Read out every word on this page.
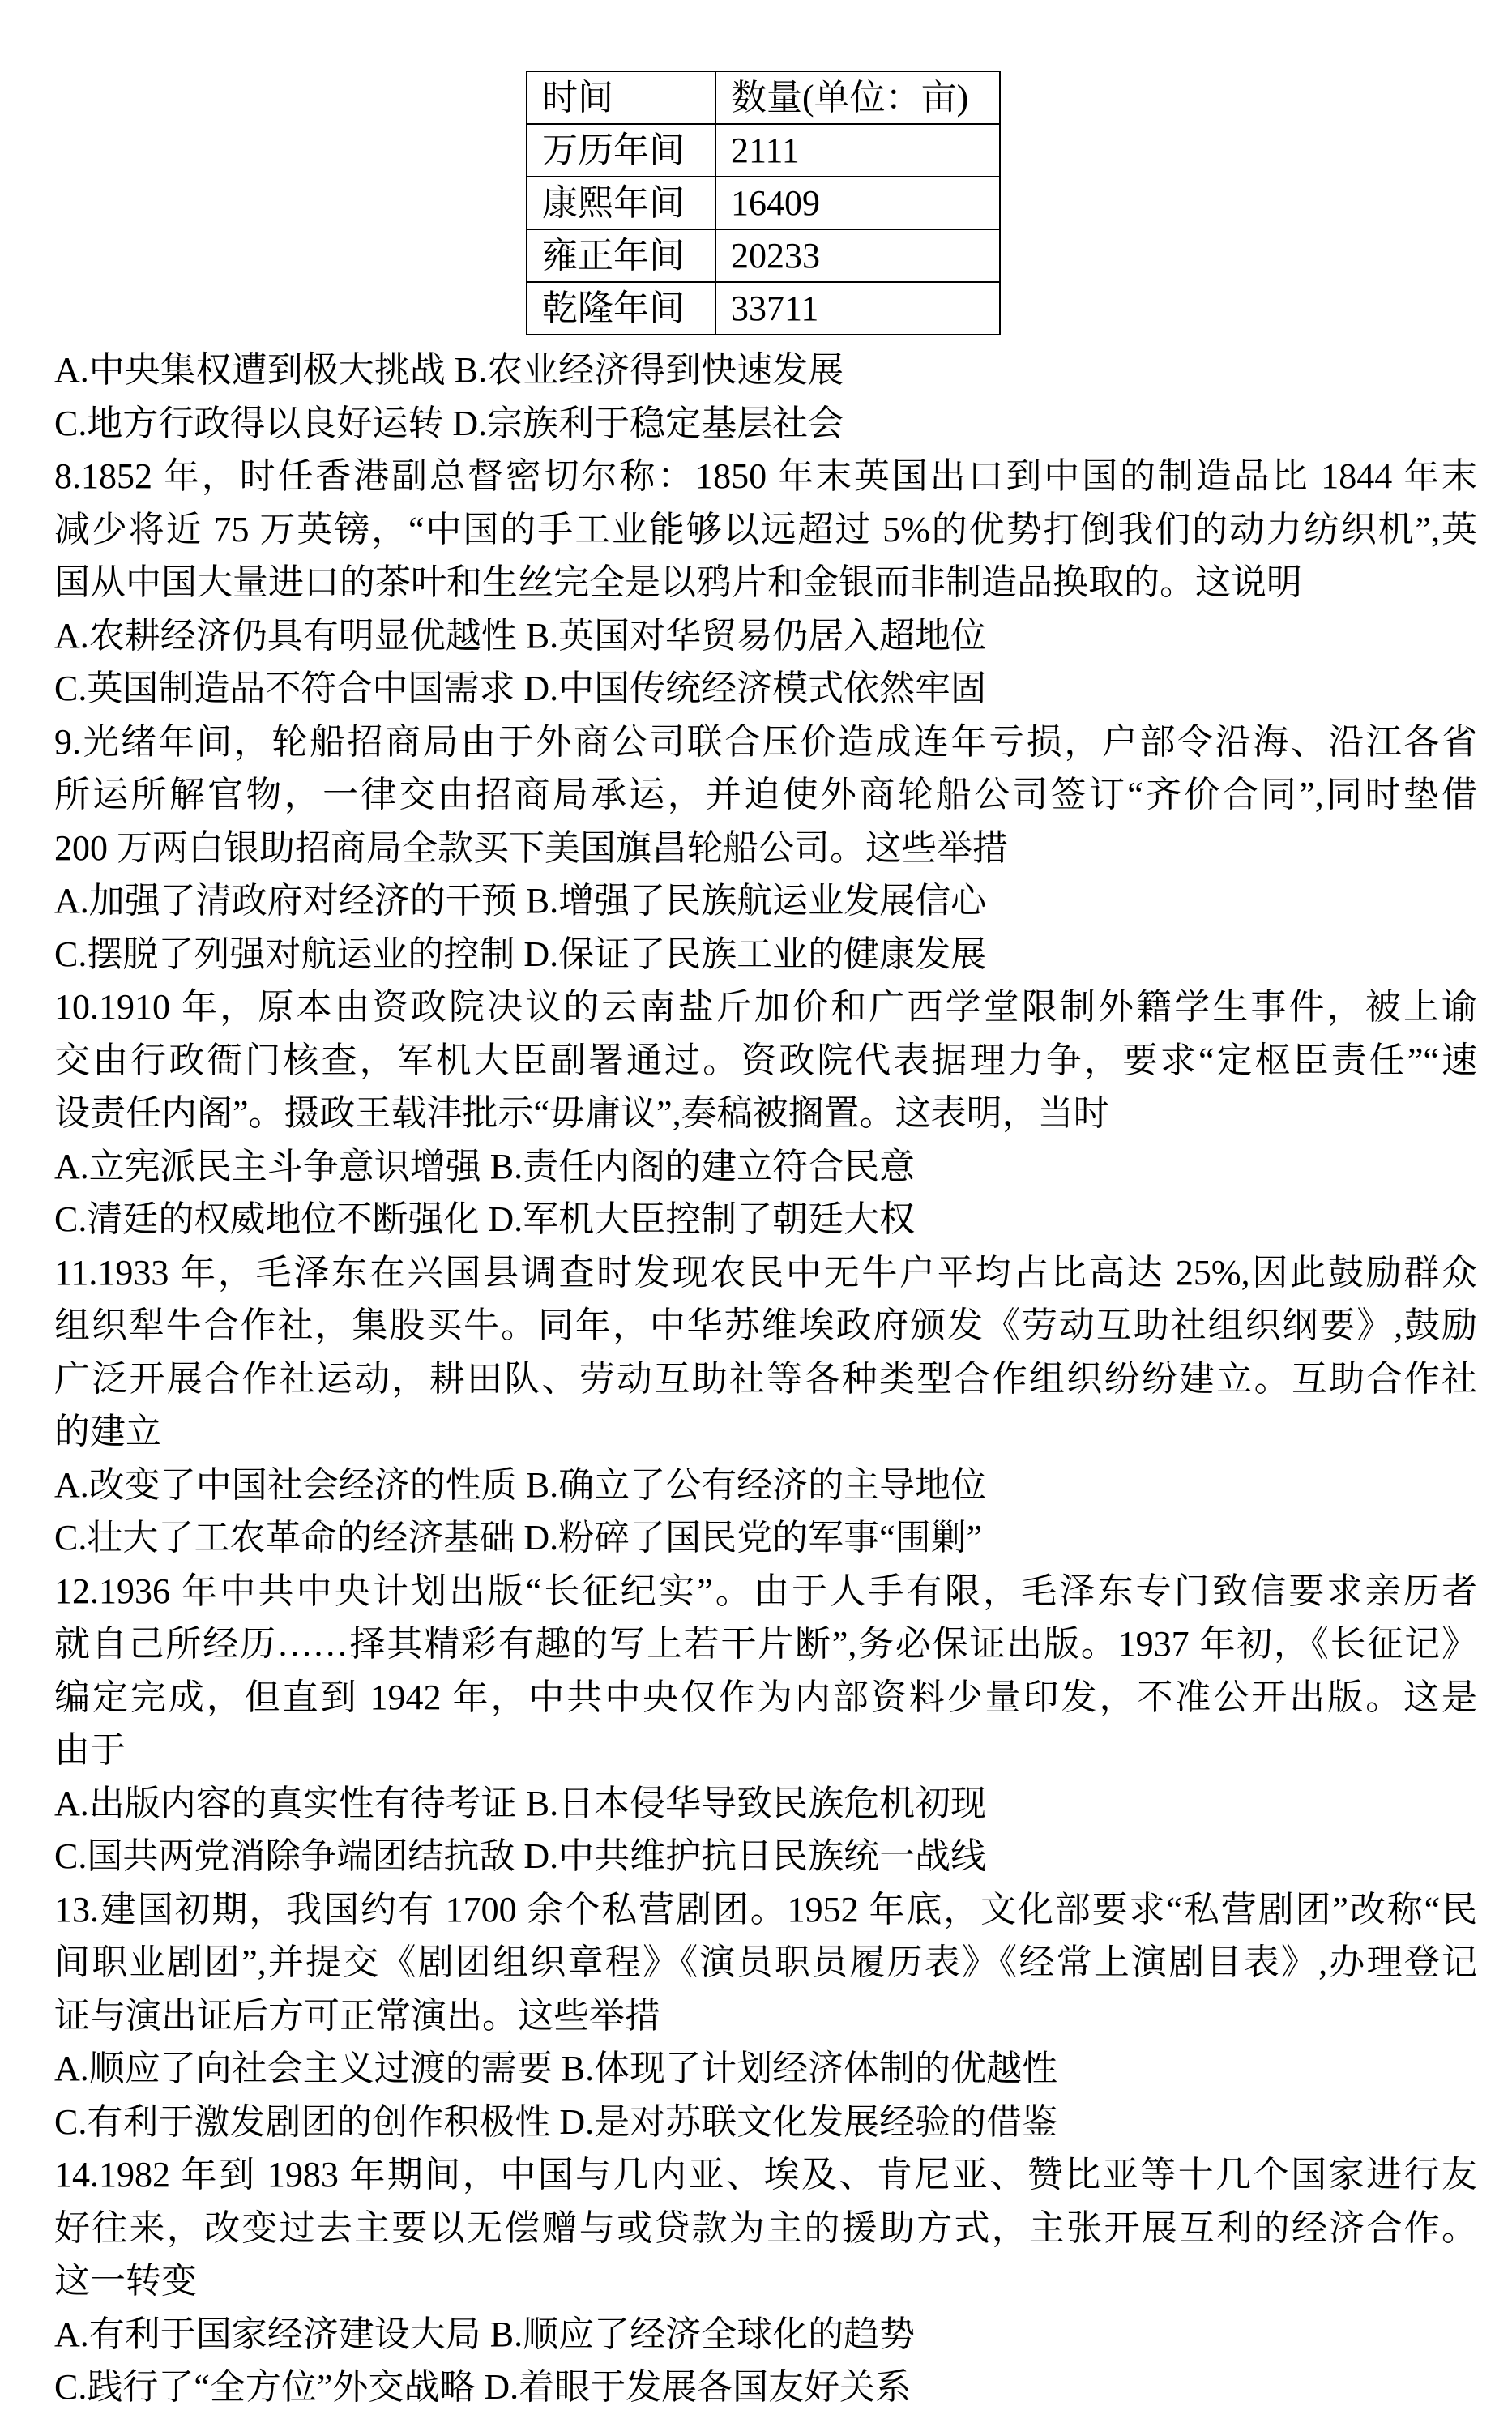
时间	数量(单位：亩)
万历年间	2111
康熙年间	16409
雍正年间	20233
乾隆年间	33711
A.中央集权遭到极大挑战 B.农业经济得到快速发展
C.地方行政得以良好运转 D.宗族利于稳定基层社会
8.1852 年，时任香港副总督密切尔称：1850 年末英国出口到中国的制造品比 1844 年末
减少将近 75 万英镑，“中国的手工业能够以远超过 5%的优势打倒我们的动力纺织机”,英
国从中国大量进口的茶叶和生丝完全是以鸦片和金银而非制造品换取的。这说明
A.农耕经济仍具有明显优越性 B.英国对华贸易仍居入超地位
C.英国制造品不符合中国需求 D.中国传统经济模式依然牢固
9.光绪年间，轮船招商局由于外商公司联合压价造成连年亏损，户部令沿海、沿江各省
所运所解官物，一律交由招商局承运，并迫使外商轮船公司签订“齐价合同”,同时垫借
200 万两白银助招商局全款买下美国旗昌轮船公司。这些举措
A.加强了清政府对经济的干预 B.增强了民族航运业发展信心
C.摆脱了列强对航运业的控制 D.保证了民族工业的健康发展
10.1910 年，原本由资政院决议的云南盐斤加价和广西学堂限制外籍学生事件，被上谕
交由行政衙门核查，军机大臣副署通过。资政院代表据理力争，要求“定枢臣责任”“速
设责任内阁”。摄政王载沣批示“毋庸议”,奏稿被搁置。这表明，当时
A.立宪派民主斗争意识增强 B.责任内阁的建立符合民意
C.清廷的权威地位不断强化 D.军机大臣控制了朝廷大权
11.1933 年，毛泽东在兴国县调查时发现农民中无牛户平均占比高达 25%,因此鼓励群众
组织犁牛合作社，集股买牛。同年，中华苏维埃政府颁发《劳动互助社组织纲要》,鼓励
广泛开展合作社运动，耕田队、劳动互助社等各种类型合作组织纷纷建立。互助合作社
的建立
A.改变了中国社会经济的性质 B.确立了公有经济的主导地位
C.壮大了工农革命的经济基础 D.粉碎了国民党的军事“围剿”
12.1936 年中共中央计划出版“长征纪实”。由于人手有限，毛泽东专门致信要求亲历者
就自己所经历……择其精彩有趣的写上若干片断”,务必保证出版。1937 年初，《长征记》
编定完成，但直到 1942 年，中共中央仅作为内部资料少量印发，不准公开出版。这是
由于
A.出版内容的真实性有待考证 B.日本侵华导致民族危机初现
C.国共两党消除争端团结抗敌 D.中共维护抗日民族统一战线
13.建国初期，我国约有 1700 余个私营剧团。1952 年底，文化部要求“私营剧团”改称“民
间职业剧团”,并提交《剧团组织章程》《演员职员履历表》《经常上演剧目表》,办理登记
证与演出证后方可正常演出。这些举措
A.顺应了向社会主义过渡的需要 B.体现了计划经济体制的优越性
C.有利于激发剧团的创作积极性 D.是对苏联文化发展经验的借鉴
14.1982 年到 1983 年期间，中国与几内亚、埃及、肯尼亚、赞比亚等十几个国家进行友
好往来，改变过去主要以无偿赠与或贷款为主的援助方式，主张开展互利的经济合作。
这一转变
A.有利于国家经济建设大局 B.顺应了经济全球化的趋势
C.践行了“全方位”外交战略 D.着眼于发展各国友好关系
